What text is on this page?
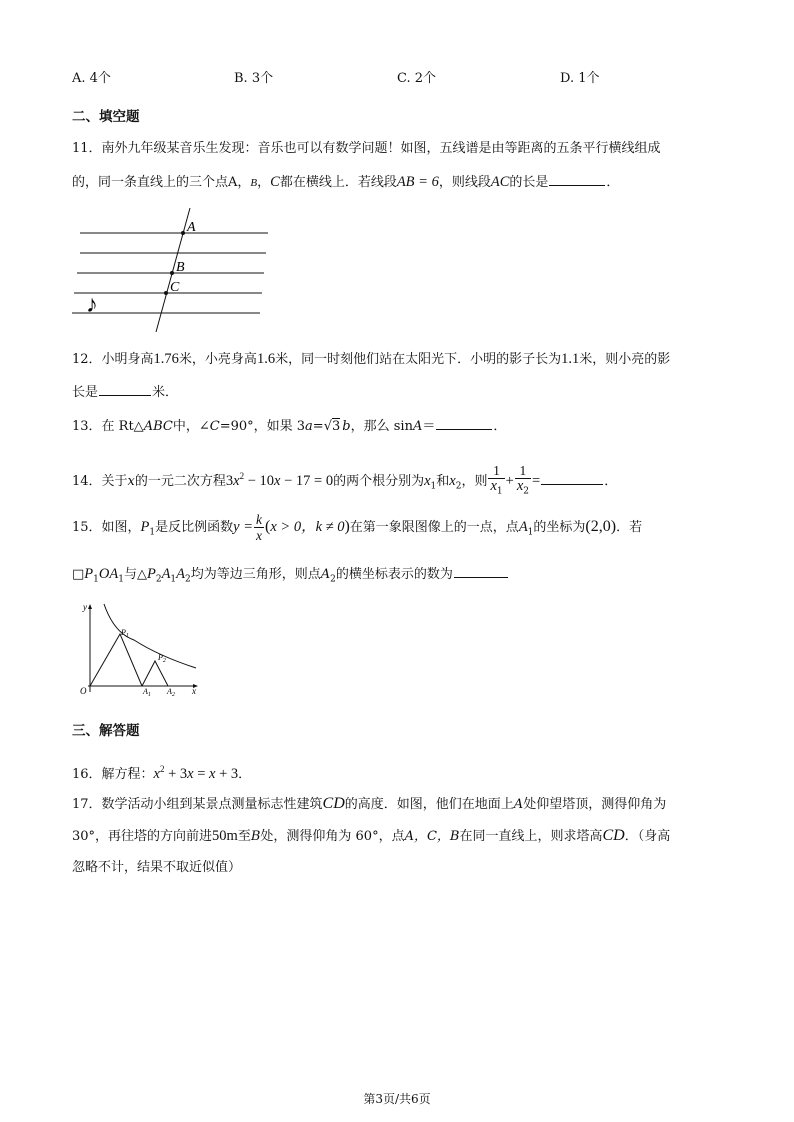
A. 4个	B. 3个	C. 2个	D. 1个
二、填空题
11．南外九年级某音乐生发现：音乐也可以有数学问题！如图，五线谱是由等距离的五条平行横线组成
的，同一条直线上的三个点A，B，C都在横线上．若线段AB = 6，则线段AC的长是	．
A
B
C
♪
12．小明身高1.76米，小亮身高1.6米，同一时刻他们站在太阳光下．小明的影子长为1.1米，则小亮的影
长是	米．
13．在 Rt△ABC中，∠C=90°，如果 3a=√3 b，那么 sinA＝	．
14．关于x的一元二次方程$3x^2 - 10x - 17 = 0$的两个根分别为$x_1$和$x_2$，则 $\frac{1}{x_1} + \frac{1}{x_2}$ =	．
15．如图，$P_1$是反比例函数$y = \frac{k}{x} (x > 0$，k ≠ 0)在第一象限图像上的一点，点$A_1$的坐标为(2,0)．若
$□P_1OA_1$与$\triangle P_2A_1A_2$均为等边三角形，则点$A_2$的横坐标表示的数为
y
x
O
$P_1$
$P_2$
$A_1$ $A_2$
三、解答题
16．解方程：$x^2 + 3x = x + 3$．
17．数学活动小组到某景点测量标志性建筑CD的高度．如图，他们在地面上A处仰望塔顶，测得仰角为
30°，再往塔的方向前进50m至B处，测得仰角为 60°，点A，C，B在同一直线上，则求塔高CD．（身高
忽略不计，结果不取近似值）
第3页/共6页
